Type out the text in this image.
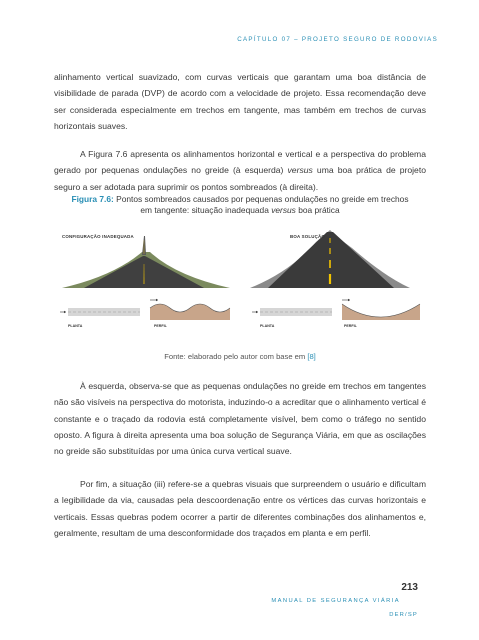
CAPÍTULO 07 – PROJETO SEGURO DE RODOVIAS

alinhamento vertical suavizado, com curvas verticais que garantam uma boa distância de visibilidade de parada (DVP) de acordo com a velocidade de projeto. Essa recomendação deve ser considerada especialmente em trechos em tangente, mas também em trechos de curvas horizontais suaves.

A Figura 7.6 apresenta os alinhamentos horizontal e vertical e a perspectiva do problema gerado por pequenas ondulações no greide (à esquerda) versus uma boa prática de projeto seguro a ser adotada para suprimir os pontos sombreados (à direita).

Figura 7.6: Pontos sombreados causados por pequenas ondulações no greide em trechos
em tangente: situação inadequada versus boa prática
CONFIGURAÇÃO INADEQUADA	BOA SOLUÇÃO
PLANTA	PERFIL	PLANTA	PERFIL
Fonte: elaborado pelo autor com base em [8]

À esquerda, observa-se que as pequenas ondulações no greide em trechos em tangentes não são visíveis na perspectiva do motorista, induzindo-o a acreditar que o alinhamento vertical é constante e o traçado da rodovia está completamente visível, bem como o tráfego no sentido oposto. A figura à direita apresenta uma boa solução de Segurança Viária, em que as oscilações no greide são substituídas por uma única curva vertical suave.

Por fim, a situação (iii) refere-se a quebras visuais que surpreendem o usuário e dificultam a legibilidade da via, causadas pela descoordenação entre os vértices das curvas horizontais e verticais. Essas quebras podem ocorrer a partir de diferentes combinações dos alinhamentos e, geralmente, resultam de uma desconformidade dos traçados em planta e em perfil.

213
MANUAL DE SEGURANÇA VIÁRIA
DER/SP
